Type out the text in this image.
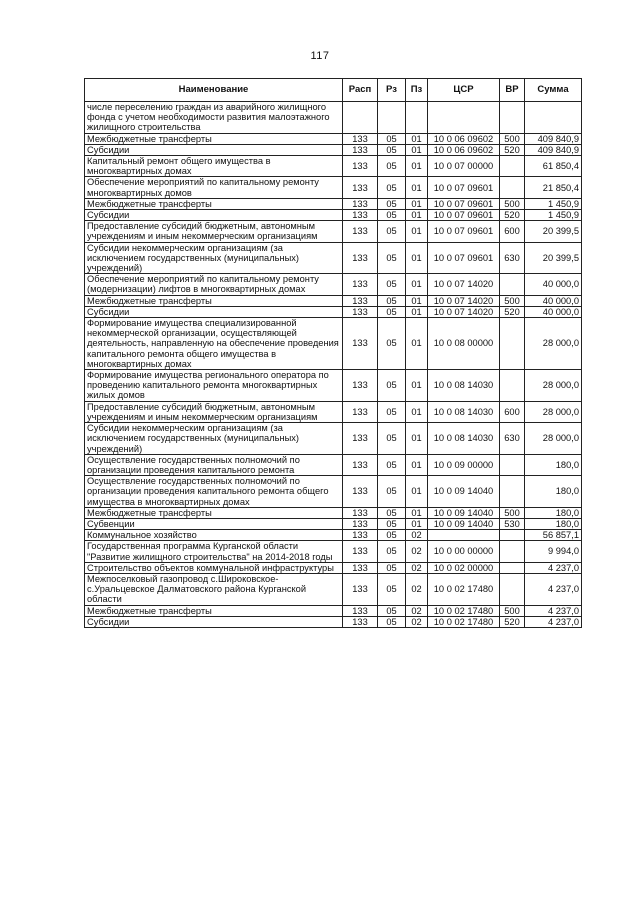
117
Наименование	Расп	Рз	Пз	ЦСР	ВР	Сумма
числе переселению граждан из аварийного жилищного фонда с учетом необходимости развития малоэтажного жилищного строительства						
Межбюджетные трансферты	133	05	01	10 0 06 09602	500	409 840,9
Субсидии	133	05	01	10 0 06 09602	520	409 840,9
Капитальный ремонт общего имущества в многоквартирных домах	133	05	01	10 0 07 00000		61 850,4
Обеспечение мероприятий по капитальному ремонту многоквартирных домов	133	05	01	10 0 07 09601		21 850,4
Межбюджетные трансферты	133	05	01	10 0 07 09601	500	1 450,9
Субсидии	133	05	01	10 0 07 09601	520	1 450,9
Предоставление субсидий бюджетным, автономным учреждениям и иным некоммерческим организациям	133	05	01	10 0 07 09601	600	20 399,5
Субсидии некоммерческим организациям (за исключением государственных (муниципальных) учреждений)	133	05	01	10 0 07 09601	630	20 399,5
Обеспечение мероприятий по капитальному ремонту (модернизации) лифтов в многоквартирных домах	133	05	01	10 0 07 14020		40 000,0
Межбюджетные трансферты	133	05	01	10 0 07 14020	500	40 000,0
Субсидии	133	05	01	10 0 07 14020	520	40 000,0
Формирование имущества специализированной некоммерческой организации, осуществляющей деятельность, направленную на обеспечение проведения капитального ремонта общего имущества в многоквартирных домах	133	05	01	10 0 08 00000		28 000,0
Формирование имущества регионального оператора по проведению капитального ремонта многоквартирных жилых домов	133	05	01	10 0 08 14030		28 000,0
Предоставление субсидий бюджетным, автономным учреждениям и иным некоммерческим организациям	133	05	01	10 0 08 14030	600	28 000,0
Субсидии некоммерческим организациям (за исключением государственных (муниципальных) учреждений)	133	05	01	10 0 08 14030	630	28 000,0
Осуществление государственных полномочий по организации проведения капитального ремонта	133	05	01	10 0 09 00000		180,0
Осуществление государственных полномочий по организации проведения капитального ремонта общего имущества в многоквартирных домах	133	05	01	10 0 09 14040		180,0
Межбюджетные трансферты	133	05	01	10 0 09 14040	500	180,0
Субвенции	133	05	01	10 0 09 14040	530	180,0
Коммунальное хозяйство	133	05	02			56 857,1
Государственная программа Курганской области "Развитие жилищного строительства" на 2014-2018 годы	133	05	02	10 0 00 00000		9 994,0
Строительство объектов коммунальной инфраструктуры	133	05	02	10 0 02 00000		4 237,0
Межпоселковый газопровод с.Широковское-с.Уральцевское Далматовского района Курганской области	133	05	02	10 0 02 17480		4 237,0
Межбюджетные трансферты	133	05	02	10 0 02 17480	500	4 237,0
Субсидии	133	05	02	10 0 02 17480	520	4 237,0
